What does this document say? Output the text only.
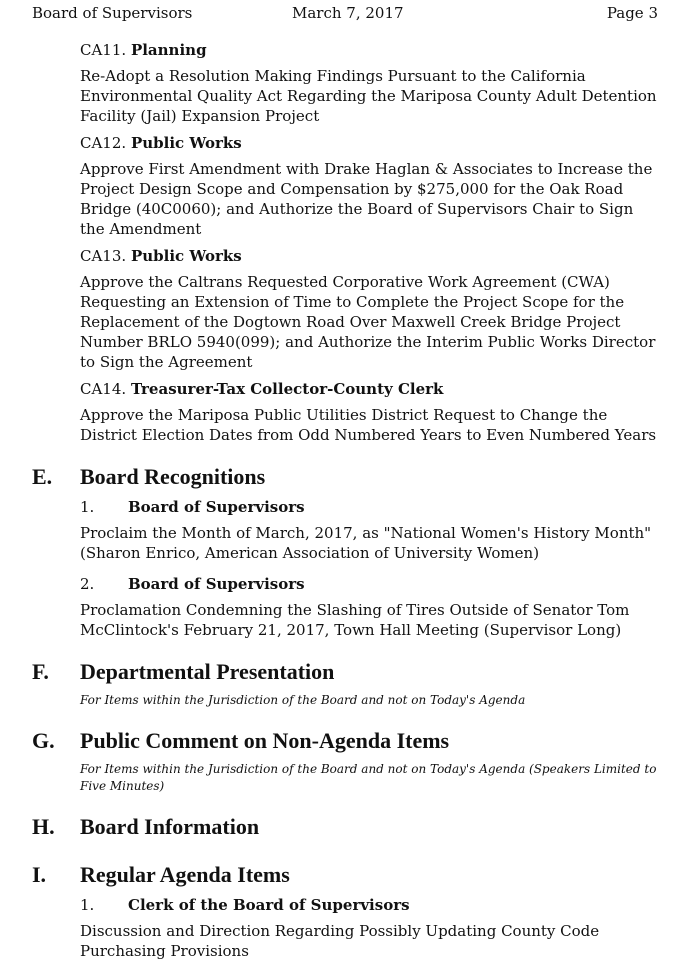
Board of Supervisors	March 7, 2017	Page 3
CA11. Planning
Re-Adopt a Resolution Making Findings Pursuant to the California Environmental Quality Act Regarding the Mariposa County Adult Detention Facility (Jail) Expansion Project
CA12. Public Works
Approve First Amendment with Drake Haglan & Associates to Increase the Project Design Scope and Compensation by $275,000 for the Oak Road Bridge (40C0060); and Authorize the Board of Supervisors Chair to Sign the Amendment
CA13. Public Works
Approve the Caltrans Requested Corporative Work Agreement (CWA) Requesting an Extension of Time to Complete the Project Scope for the Replacement of the Dogtown Road Over Maxwell Creek Bridge Project Number BRLO 5940(099); and Authorize the Interim Public Works Director to Sign the Agreement
CA14. Treasurer-Tax Collector-County Clerk
Approve the Mariposa Public Utilities District Request to Change the District Election Dates from Odd Numbered Years to Even Numbered Years
E. Board Recognitions
1. Board of Supervisors
Proclaim the Month of March, 2017, as "National Women's History Month" (Sharon Enrico, American Association of University Women)
2. Board of Supervisors
Proclamation Condemning the Slashing of Tires Outside of Senator Tom McClintock's February 21, 2017, Town Hall Meeting (Supervisor Long)
F. Departmental Presentation
For Items within the Jurisdiction of the Board and not on Today's Agenda
G. Public Comment on Non-Agenda Items
For Items within the Jurisdiction of the Board and not on Today's Agenda (Speakers Limited to Five Minutes)
H. Board Information
I. Regular Agenda Items
1. Clerk of the Board of Supervisors
Discussion and Direction Regarding Possibly Updating County Code Purchasing Provisions
